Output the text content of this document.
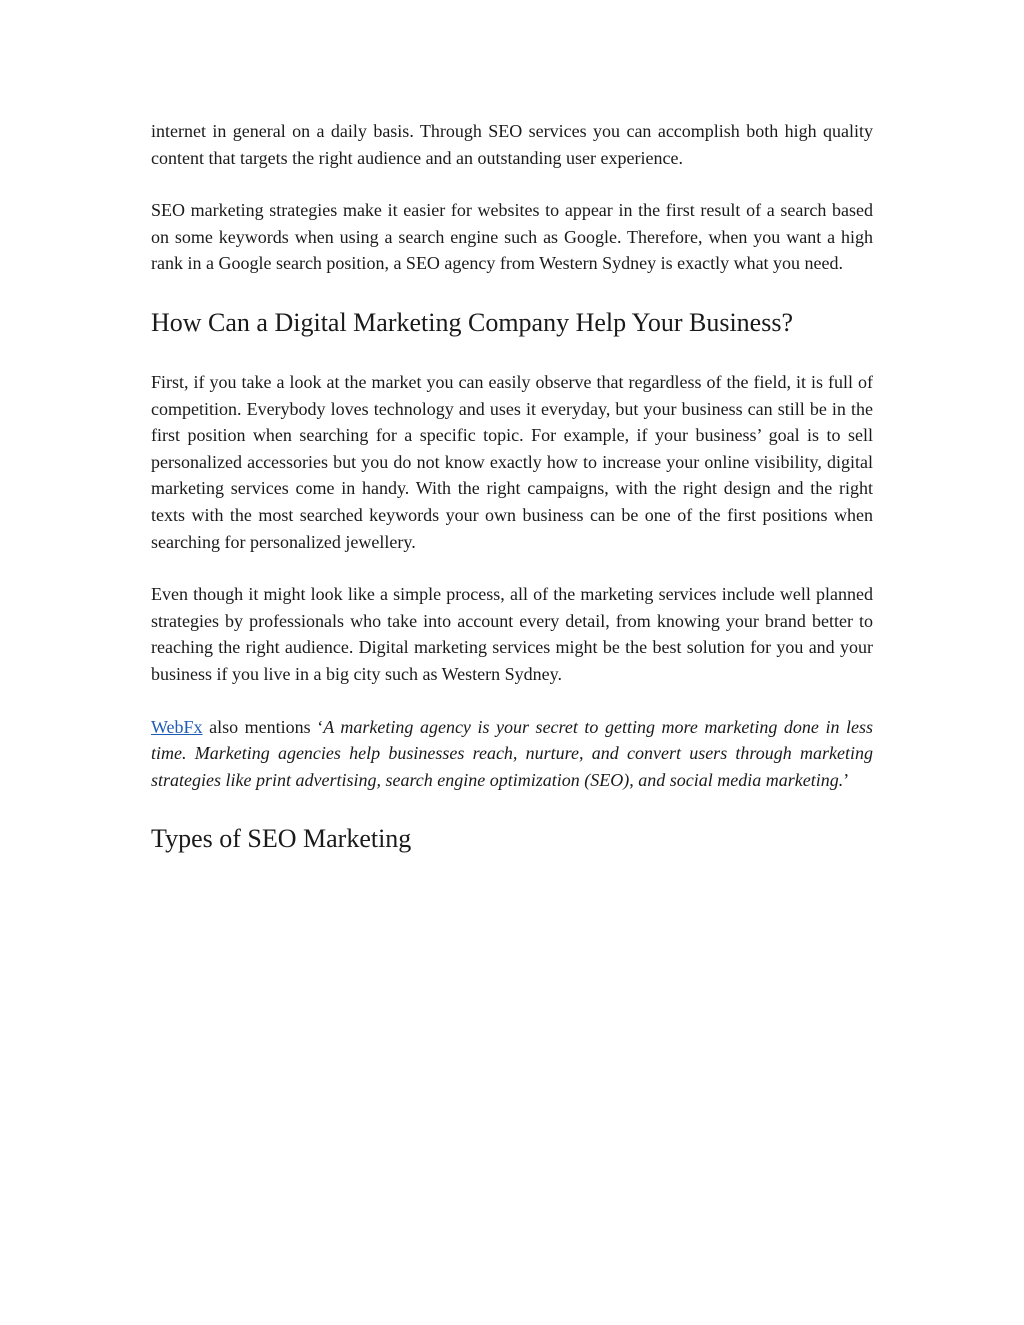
internet in general on a daily basis. Through SEO services you can accomplish both high quality content that targets the right audience and an outstanding user experience.

SEO marketing strategies make it easier for websites to appear in the first result of a search based on some keywords when using a search engine such as Google. Therefore, when you want a high rank in a Google search position, a SEO agency from Western Sydney is exactly what you need.

How Can a Digital Marketing Company Help Your Business?

First, if you take a look at the market you can easily observe that regardless of the field, it is full of competition. Everybody loves technology and uses it everyday, but your business can still be in the first position when searching for a specific topic. For example, if your business’ goal is to sell personalized accessories but you do not know exactly how to increase your online visibility, digital marketing services come in handy. With the right campaigns, with the right design and the right texts with the most searched keywords your own business can be one of the first positions when searching for personalized jewellery.

Even though it might look like a simple process, all of the marketing services include well planned strategies by professionals who take into account every detail, from knowing your brand better to reaching the right audience. Digital marketing services might be the best solution for you and your business if you live in a big city such as Western Sydney.

WebFx also mentions ‘A marketing agency is your secret to getting more marketing done in less time. Marketing agencies help businesses reach, nurture, and convert users through marketing strategies like print advertising, search engine optimization (SEO), and social media marketing.’

Types of SEO Marketing
